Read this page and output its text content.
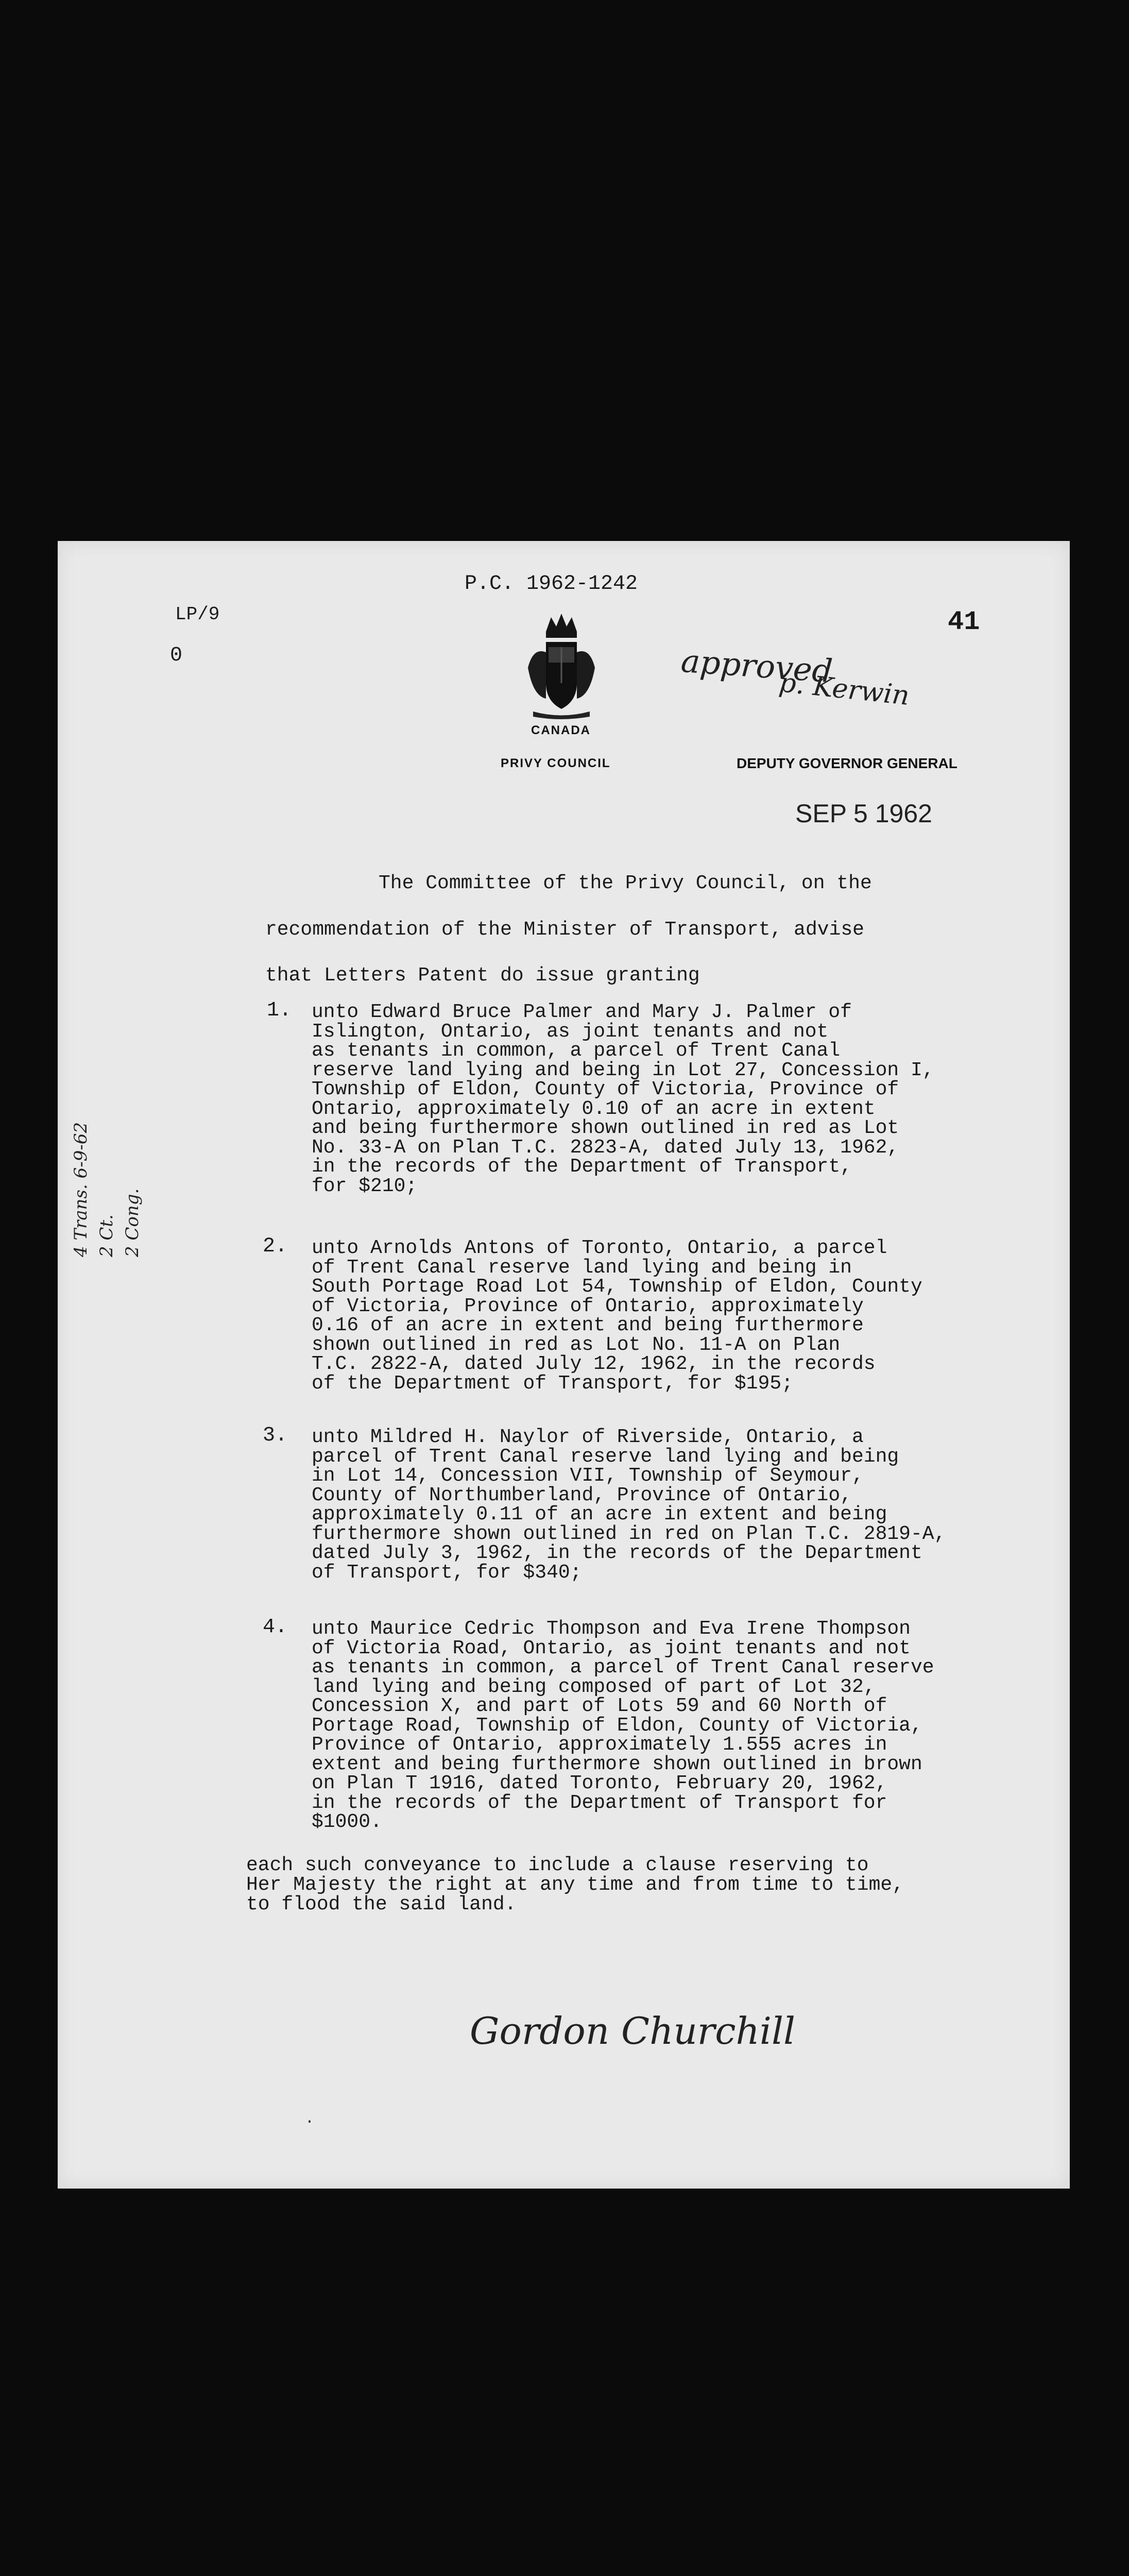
P.C. 1962-1242
LP/9
0
41
CANADA
PRIVY COUNCIL	DEPUTY GOVERNOR GENERAL
approved
p. Kerwin
SEP 5 1962
4 Trans. 6-9-62 2 Ct. 2 Cong.
The Committee of the Privy Council, on the
recommendation of the Minister of Transport, advise
that Letters Patent do issue granting
1. unto Edward Bruce Palmer and Mary J. Palmer of
Islington, Ontario, as joint tenants and not
as tenants in common, a parcel of Trent Canal
reserve land lying and being in Lot 27, Concession I,
Township of Eldon, County of Victoria, Province of
Ontario, approximately 0.10 of an acre in extent
and being furthermore shown outlined in red as Lot
No. 33-A on Plan T.C. 2823-A, dated July 13, 1962,
in the records of the Department of Transport,
for $210;
2. unto Arnolds Antons of Toronto, Ontario, a parcel
of Trent Canal reserve land lying and being in
South Portage Road Lot 54, Township of Eldon, County
of Victoria, Province of Ontario, approximately
0.16 of an acre in extent and being furthermore
shown outlined in red as Lot No. 11-A on Plan
T.C. 2822-A, dated July 12, 1962, in the records
of the Department of Transport, for $195;
3. unto Mildred H. Naylor of Riverside, Ontario, a
parcel of Trent Canal reserve land lying and being
in Lot 14, Concession VII, Township of Seymour,
County of Northumberland, Province of Ontario,
approximately 0.11 of an acre in extent and being
furthermore shown outlined in red on Plan T.C. 2819-A,
dated July 3, 1962, in the records of the Department
of Transport, for $340;
4. unto Maurice Cedric Thompson and Eva Irene Thompson
of Victoria Road, Ontario, as joint tenants and not
as tenants in common, a parcel of Trent Canal reserve
land lying and being composed of part of Lot 32,
Concession X, and part of Lots 59 and 60 North of
Portage Road, Township of Eldon, County of Victoria,
Province of Ontario, approximately 1.555 acres in
extent and being furthermore shown outlined in brown
on Plan T 1916, dated Toronto, February 20, 1962,
in the records of the Department of Transport for
$1000.
each such conveyance to include a clause reserving to
Her Majesty the right at any time and from time to time,
to flood the said land.
Gordon Churchill
·
